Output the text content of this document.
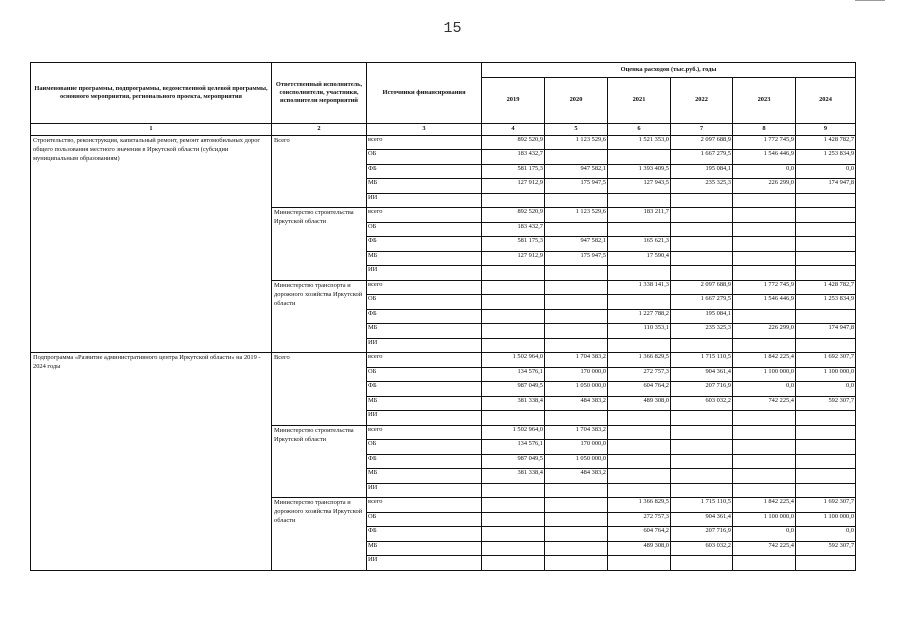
15
Наименование программы, подпрограммы, ведомственной целевой программы, основного мероприятия, регионального проекта, мероприятия	Ответственный исполнитель, соисполнители, участники, исполнители мероприятий	Источники финансирования	Оценка расходов (тыс.руб.), годы					
			2019	2020	2021	2022	2023	2024
1	2	3	4	5	6	7	8	9
Строительство, реконструкция, капитальный ремонт, ремонт автомобильных дорог общего пользования местного значения в Иркутской области (субсидии муниципальным образованиям)	Всего	всего	892 520,9	1 123 529,6	1 521 353,0	2 097 688,9	1 772 745,9	1 428 782,7
		ОБ	183 432,7			1 667 279,5	1 546 446,9	1 253 834,9
		ФБ	581 175,3	947 582,1	1 393 409,5	195 084,1	0,0	0,0
		МБ	127 912,9	175 947,5	127 943,5	235 325,3	226 299,0	174 947,8
		ИИ						
	Министерство строительства Иркутской области	всего	892 520,9	1 123 529,6	183 211,7			
		ОБ	183 432,7					
		ФБ	581 175,3	947 582,1	165 621,3			
		МБ	127 912,9	175 947,5	17 590,4			
		ИИ						
	Министерство транспорта и дорожного хозяйства Иркутской области	всего			1 338 141,3	2 097 688,9	1 772 745,9	1 428 782,7
		ОБ				1 667 279,5	1 546 446,9	1 253 834,9
		ФБ			1 227 788,2	195 084,1		
		МБ			110 353,1	235 325,3	226 299,0	174 947,8
		ИИ						
Подпрограмма «Развитие административного центра Иркутской области» на 2019 - 2024 годы	Всего	всего	1 502 964,0	1 704 383,2	1 366 829,5	1 715 110,5	1 842 225,4	1 692 307,7
		ОБ	134 576,1	170 000,0	272 757,3	904 361,4	1 100 000,0	1 100 000,0
		ФБ	987 049,5	1 050 000,0	604 764,2	207 716,9	0,0	0,0
		МБ	381 338,4	484 383,2	489 308,0	603 032,2	742 225,4	592 307,7
		ИИ						
	Министерство строительства Иркутской области	всего	1 502 964,0	1 704 383,2				
		ОБ	134 576,1	170 000,0				
		ФБ	987 049,5	1 050 000,0				
		МБ	381 338,4	484 383,2				
		ИИ						
	Министерство транспорта и дорожного хозяйства Иркутской области	всего			1 366 829,5	1 715 110,5	1 842 225,4	1 692 307,7
		ОБ			272 757,3	904 361,4	1 100 000,0	1 100 000,0
		ФБ			604 764,2	207 716,9	0,0	0,0
		МБ			489 308,0	603 032,2	742 225,4	592 307,7
		ИИ						
